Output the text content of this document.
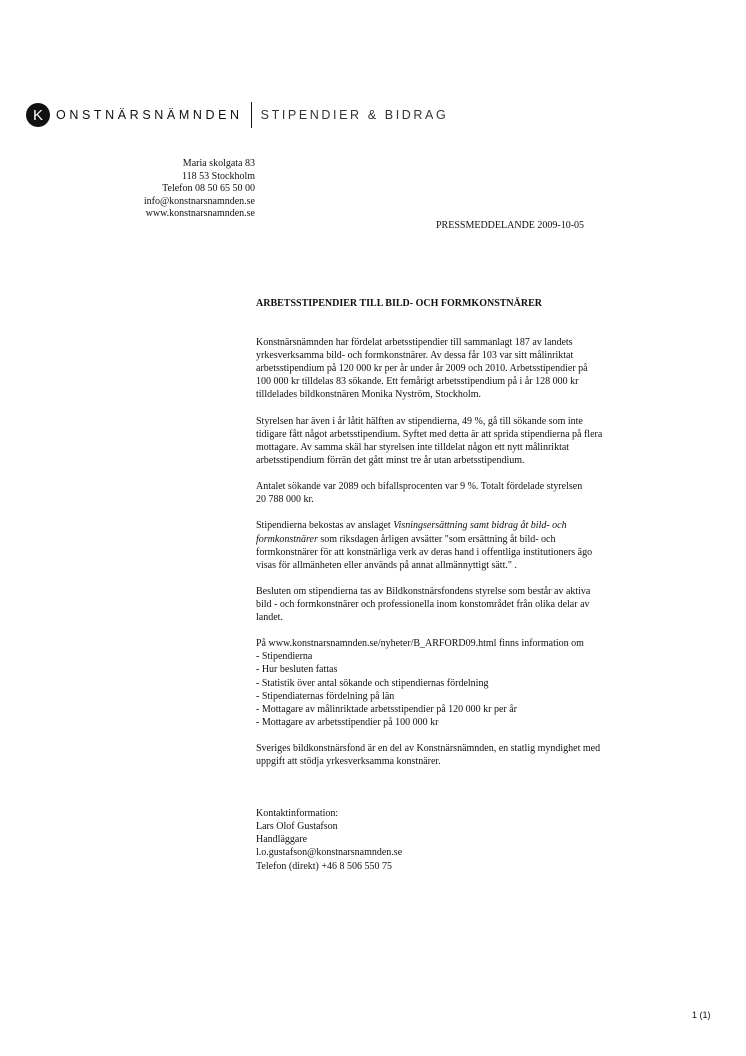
K ONSTNÄRSNÄMNDEN STIPENDIER & BIDRAG
Maria skolgata 83
118 53 Stockholm
Telefon 08 50 65 50 00
info@konstnarsnamnden.se
www.konstnarsnamnden.se
PRESSMEDDELANDE 2009-10-05
ARBETSSTIPENDIER TILL BILD- OCH FORMKONSTNÄRER
Konstnärsnämnden har fördelat arbetsstipendier till sammanlagt 187 av landets
yrkesverksamma bild- och formkonstnärer. Av dessa får 103 var sitt målinriktat
arbetsstipendium på 120 000 kr per år under år 2009 och 2010. Arbetsstipendier på
100 000 kr tilldelas 83 sökande. Ett femårigt arbetsstipendium på i år 128 000 kr
tilldelades bildkonstnären Monika Nyström, Stockholm.
Styrelsen har även i år låtit hälften av stipendierna, 49 %, gå till sökande som inte
tidigare fått något arbetsstipendium. Syftet med detta är att sprida stipendierna på flera
mottagare. Av samma skäl har styrelsen inte tilldelat någon ett nytt målinriktat
arbetsstipendium förrän det gått minst tre år utan arbetsstipendium.
Antalet sökande var 2089 och bifallsprocenten var 9 %. Totalt fördelade styrelsen
20 788 000 kr.
Stipendierna bekostas av anslaget Visningsersättning samt bidrag åt bild- och
formkonstnärer som riksdagen årligen avsätter "som ersättning åt bild- och
formkonstnärer för att konstnärliga verk av deras hand i offentliga institutioners ägo
visas för allmänheten eller används på annat allmännyttigt sätt." .
Besluten om stipendierna tas av Bildkonstnärsfondens styrelse som består av aktiva
bild - och formkonstnärer och professionella inom konstområdet från olika delar av
landet.
På www.konstnarsnamnden.se/nyheter/B_ARFORD09.html finns information om
- Stipendierna
- Hur besluten fattas
- Statistik över antal sökande och stipendiernas fördelning
- Stipendiaternas fördelning på län
- Mottagare av målinriktade arbetsstipendier på 120 000 kr per år
- Mottagare av arbetsstipendier på 100 000 kr
Sveriges bildkonstnärsfond är en del av Konstnärsnämnden, en statlig myndighet med
uppgift att stödja yrkesverksamma konstnärer.
Kontaktinformation:
Lars Olof Gustafson
Handläggare
l.o.gustafson@konstnarsnamnden.se
Telefon (direkt) +46 8 506 550 75
1 (1)
